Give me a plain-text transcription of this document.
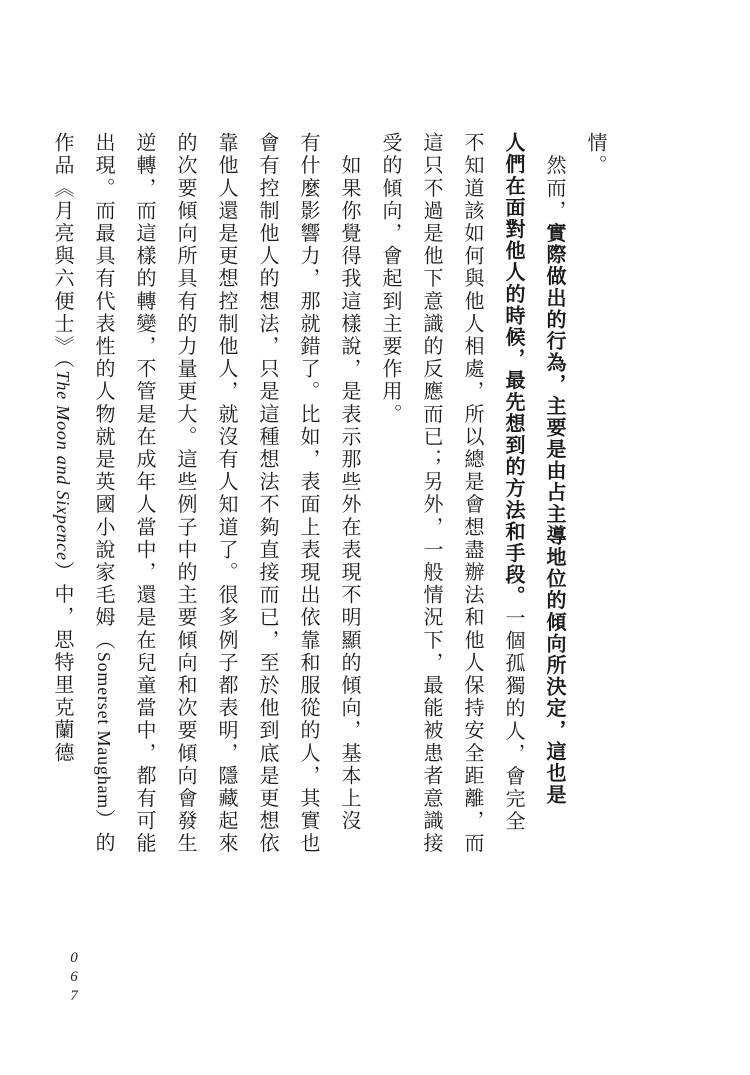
情。
　然而，實際做出的行為，主要是由占主導地位的傾向所決定，這也是
人們在面對他人的時候，最先想到的方法和手段。一個孤獨的人，會完全
不知道該如何與他人相處，所以總是會想盡辦法和他人保持安全距離，而
這只不過是他下意識的反應而已；另外，一般情況下，最能被患者意識接
受的傾向，會起到主要作用。
　如果你覺得我這樣說，是表示那些外在表現不明顯的傾向，基本上沒
有什麼影響力，那就錯了。比如，表面上表現出依靠和服從的人，其實也
會有控制他人的想法，只是這種想法不夠直接而已，至於他到底是更想依
靠他人還是更想控制他人，就沒有人知道了。很多例子都表明，隱藏起來
的次要傾向所具有的力量更大。這些例子中的主要傾向和次要傾向會發生
逆轉，而這樣的轉變，不管是在成年人當中，還是在兒童當中，都有可能
出現。而最具有代表性的人物就是英國小說家毛姆（Somerset Maugham）的
作品《月亮與六便士》（The Moon and Sixpence）中，思特里克蘭德
067
